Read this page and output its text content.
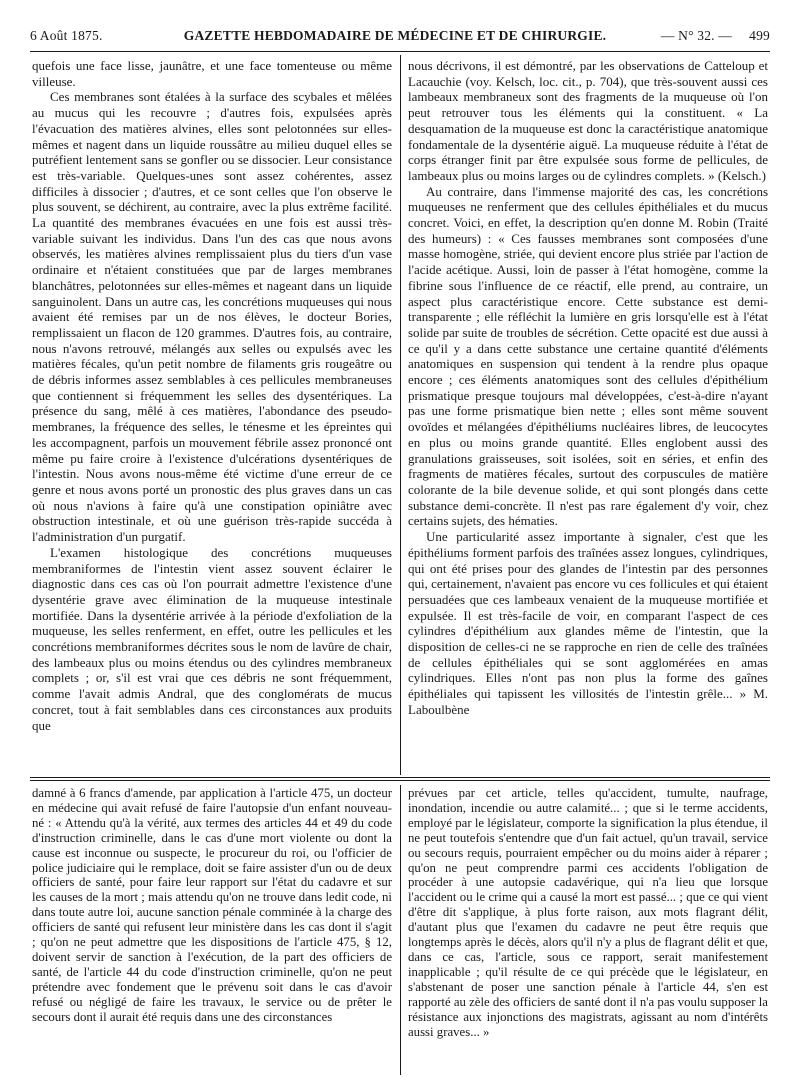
6 Août 1875.	GAZETTE HEBDOMADAIRE DE MÉDECINE ET DE CHIRURGIE.	— N° 32. — 499

quefois une face lisse, jaunâtre, et une face tomenteuse ou même villeuse.

Ces membranes sont étalées à la surface des scybales et mêlées au mucus qui les recouvre ; d'autres fois, expulsées après l'évacuation des matières alvines, elles sont pelotonnées sur elles-mêmes et nagent dans un liquide roussâtre au milieu duquel elles se putréfient lentement sans se gonfler ou se dissocier. Leur consistance est très-variable. Quelques-unes sont assez cohérentes, assez difficiles à dissocier ; d'autres, et ce sont celles que l'on observe le plus souvent, se déchirent, au contraire, avec la plus extrême facilité. La quantité des membranes évacuées en une fois est aussi très-variable suivant les individus. Dans l'un des cas que nous avons observés, les matières alvines remplissaient plus du tiers d'un vase ordinaire et n'étaient constituées que par de larges membranes blanchâtres, pelotonnées sur elles-mêmes et nageant dans un liquide sanguinolent. Dans un autre cas, les concrétions muqueuses qui nous avaient été remises par un de nos élèves, le docteur Bories, remplissaient un flacon de 120 grammes. D'autres fois, au contraire, nous n'avons retrouvé, mélangés aux selles ou expulsés avec les matières fécales, qu'un petit nombre de filaments gris rougeâtre ou de débris informes assez semblables à ces pellicules membraneuses que contiennent si fréquemment les selles des dysentériques. La présence du sang, mêlé à ces matières, l'abondance des pseudo-membranes, la fréquence des selles, le ténesme et les épreintes qui les accompagnent, parfois un mouvement fébrile assez prononcé ont même pu faire croire à l'existence d'ulcérations dysentériques de l'intestin. Nous avons nous-même été victime d'une erreur de ce genre et nous avons porté un pronostic des plus graves dans un cas où nous n'avions à faire qu'à une constipation opiniâtre avec obstruction intestinale, et où une guérison très-rapide succéda à l'administration d'un purgatif.

L'examen histologique des concrétions muqueuses membraniformes de l'intestin vient assez souvent éclairer le diagnostic dans ces cas où l'on pourrait admettre l'existence d'une dysentérie grave avec élimination de la muqueuse intestinale mortifiée. Dans la dysentérie arrivée à la période d'exfoliation de la muqueuse, les selles renferment, en effet, outre les pellicules et les concrétions membraniformes décrites sous le nom de lavûre de chair, des lambeaux plus ou moins étendus ou des cylindres membraneux complets ; or, s'il est vrai que ces débris ne sont fréquemment, comme l'avait admis Andral, que des conglomérats de mucus concret, tout à fait semblables dans ces circonstances aux produits que

nous décrivons, il est démontré, par les observations de Catteloup et Lacauchie (voy. Kelsch, loc. cit., p. 704), que très-souvent aussi ces lambeaux membraneux sont des fragments de la muqueuse où l'on peut retrouver tous les éléments qui la constituent. « La desquamation de la muqueuse est donc la caractéristique anatomique fondamentale de la dysentérie aiguë. La muqueuse réduite à l'état de corps étranger finit par être expulsée sous forme de pellicules, de lambeaux plus ou moins larges ou de cylindres complets. » (Kelsch.)

Au contraire, dans l'immense majorité des cas, les concrétions muqueuses ne renferment que des cellules épithéliales et du mucus concret. Voici, en effet, la description qu'en donne M. Robin (Traité des humeurs) : « Ces fausses membranes sont composées d'une masse homogène, striée, qui devient encore plus striée par l'action de l'acide acétique. Aussi, loin de passer à l'état homogène, comme la fibrine sous l'influence de ce réactif, elle prend, au contraire, un aspect plus caractéristique encore. Cette substance est demi-transparente ; elle réfléchit la lumière en gris lorsqu'elle est à l'état solide par suite de troubles de sécrétion. Cette opacité est due aussi à ce qu'il y a dans cette substance une certaine quantité d'éléments anatomiques en suspension qui tendent à la rendre plus opaque encore ; ces éléments anatomiques sont des cellules d'épithélium prismatique presque toujours mal développées, c'est-à-dire n'ayant pas une forme prismatique bien nette ; elles sont même souvent ovoïdes et mélangées d'épithéliums nucléaires libres, de leucocytes en plus ou moins grande quantité. Elles englobent aussi des granulations graisseuses, soit isolées, soit en séries, et enfin des fragments de matières fécales, surtout des corpuscules de matière colorante de la bile devenue solide, et qui sont plongés dans cette substance demi-concrète. Il n'est pas rare également d'y voir, chez certains sujets, des hématies.

Une particularité assez importante à signaler, c'est que les épithéliums forment parfois des traînées assez longues, cylindriques, qui ont été prises pour des glandes de l'intestin par des personnes qui, certainement, n'avaient pas encore vu ces follicules et qui étaient persuadées que ces lambeaux venaient de la muqueuse mortifiée et expulsée. Il est très-facile de voir, en comparant l'aspect de ces cylindres d'épithélium aux glandes même de l'intestin, que la disposition de celles-ci ne se rapproche en rien de celle des traînées de cellules épithéliales qui se sont agglomérées en amas cylindriques. Elles n'ont pas non plus la forme des gaînes épithéliales qui tapissent les villosités de l'intestin grêle... » M. Laboulbène

damné à 6 francs d'amende, par application à l'article 475, un docteur en médecine qui avait refusé de faire l'autopsie d'un enfant nouveau-né : « Attendu qu'à la vérité, aux termes des articles 44 et 49 du code d'instruction criminelle, dans le cas d'une mort violente ou dont la cause est inconnue ou suspecte, le procureur du roi, ou l'officier de police judiciaire qui le remplace, doit se faire assister d'un ou de deux officiers de santé, pour faire leur rapport sur l'état du cadavre et sur les causes de la mort ; mais attendu qu'on ne trouve dans ledit code, ni dans toute autre loi, aucune sanction pénale comminée à la charge des officiers de santé qui refusent leur ministère dans les cas dont il s'agit ; qu'on ne peut admettre que les dispositions de l'article 475, § 12, doivent servir de sanction à l'exécution, de la part des officiers de santé, de l'article 44 du code d'instruction criminelle, qu'on ne peut prétendre avec fondement que le prévenu soit dans le cas d'avoir refusé ou négligé de faire les travaux, le service ou de prêter le secours dont il aurait été requis dans une des circonstances

prévues par cet article, telles qu'accident, tumulte, naufrage, inondation, incendie ou autre calamité... ; que si le terme accidents, employé par le législateur, comporte la signification la plus étendue, il ne peut toutefois s'entendre que d'un fait actuel, qu'un travail, service ou secours requis, pourraient empêcher ou du moins aider à réparer ; qu'on ne peut comprendre parmi ces accidents l'obligation de procéder à une autopsie cadavérique, qui n'a lieu que lorsque l'accident ou le crime qui a causé la mort est passé... ; que ce qui vient d'être dit s'applique, à plus forte raison, aux mots flagrant délit, d'autant plus que l'examen du cadavre ne peut être requis que longtemps après le décès, alors qu'il n'y a plus de flagrant délit et que, dans ce cas, l'article, sous ce rapport, serait manifestement inapplicable ; qu'il résulte de ce qui précède que le législateur, en s'abstenant de poser une sanction pénale à l'article 44, s'en est rapporté au zèle des officiers de santé dont il n'a pas voulu supposer la résistance aux injonctions des magistrats, agissant au nom d'intérêts aussi graves... »
